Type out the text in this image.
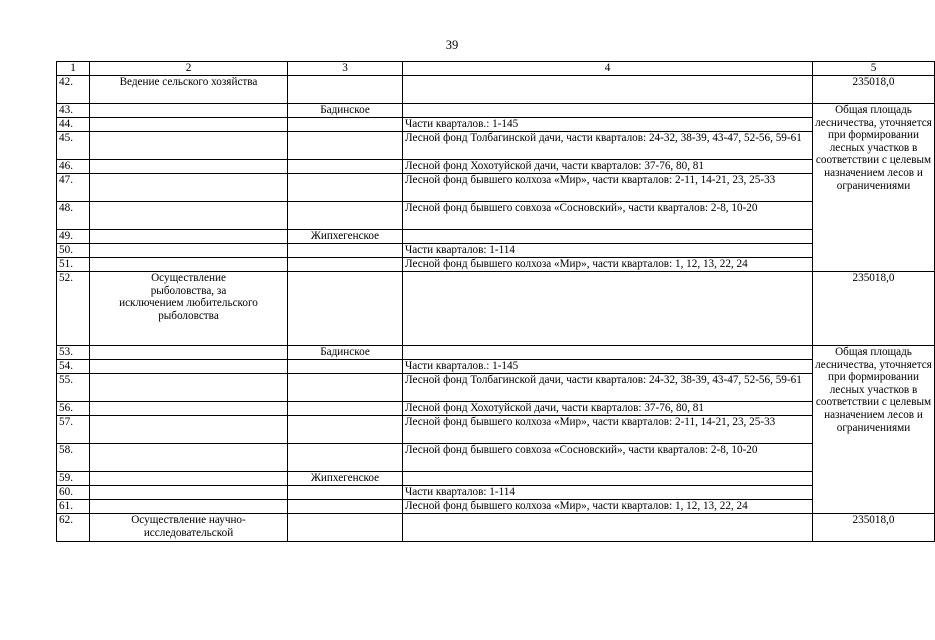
39
1	2	3	4	5
42.	Ведение сельского хозяйства			235018,0
43.		Бадинское		Общая площадь лесничества, уточняется при формировании лесных участков в соответствии с целевым назначением лесов и ограничениями
44.			Части кварталов.: 1-145	
45.			Лесной фонд Толбагинской дачи, части кварталов: 24-32, 38-39, 43-47, 52-56, 59-61	
46.			Лесной фонд Хохотуйской дачи, части кварталов: 37-76, 80, 81	
47.			Лесной фонд бывшего колхоза «Мир», части кварталов: 2-11, 14-21, 23, 25-33	
48.			Лесной фонд бывшего совхоза «Сосновский», части кварталов: 2-8, 10-20	
49.		Жипхегенское		
50.			Части кварталов: 1-114	
51.			Лесной фонд бывшего колхоза «Мир», части кварталов: 1, 12, 13, 22, 24	
52.	Осуществление рыболовства, за исключением любительского рыболовства			235018,0
53.		Бадинское		Общая площадь лесничества, уточняется при формировании лесных участков в соответствии с целевым назначением лесов и ограничениями
54.			Части кварталов.: 1-145	
55.			Лесной фонд Толбагинской дачи, части кварталов: 24-32, 38-39, 43-47, 52-56, 59-61	
56.			Лесной фонд Хохотуйской дачи, части кварталов: 37-76, 80, 81	
57.			Лесной фонд бывшего колхоза «Мир», части кварталов: 2-11, 14-21, 23, 25-33	
58.			Лесной фонд бывшего совхоза «Сосновский», части кварталов: 2-8, 10-20	
59.		Жипхегенское		
60.			Части кварталов: 1-114	
61.			Лесной фонд бывшего колхоза «Мир», части кварталов: 1, 12, 13, 22, 24	
62.	Осуществление научно-исследовательской			235018,0
